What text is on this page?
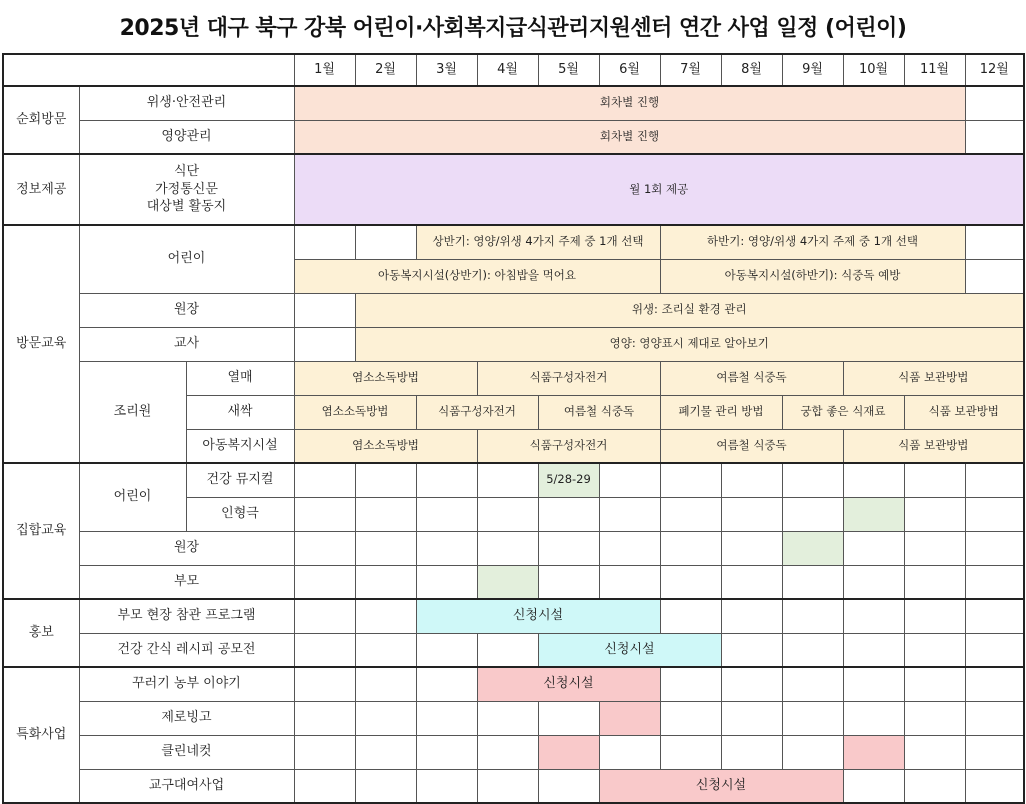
2025년 대구 북구 강북 어린이·사회복지급식관리지원센터 연간 사업 일정 (어린이)
			1월	2월	3월	4월	5월	6월	7월	8월	9월	10월	11월	12월
순회방문	위생·안전관리		회차별 진행											
	영양관리		회차별 진행											
정보제공	식단
가정통신문
대상별 활동지		월 1회 제공											
방문교육	어린이				상반기: 영양/위생 4가지 주제 중 1개 선택				하반기: 영양/위생 4가지 주제 중 1개 선택					
			아동복지시설(상반기): 아침밥을 먹어요						아동복지시설(하반기): 식중독 예방					
	원장			위생: 조리실 환경 관리										
	교사			영양: 영양표시 제대로 알아보기										
	조리원	열매	염소소독방법			식품구성자전거			여름철 식중독			식품 보관방법		
		새싹	염소소독방법		식품구성자전거		여름철 식중독		폐기물 관리 방법		궁합 좋은 식재료		식품 보관방법	
		아동복지시설	염소소독방법			식품구성자전거			여름철 식중독			식품 보관방법		
집합교육	어린이	건강 뮤지컬					5/28-29							
		인형극												
	원장													
	부모													
홍보	부모 현장 참관 프로그램				신청시설									
	건강 간식 레시피 공모전						신청시설							
특화사업	꾸러기 농부 이야기					신청시설								
	제로빙고													
	클린네컷													
	교구대여사업							신청시설						
